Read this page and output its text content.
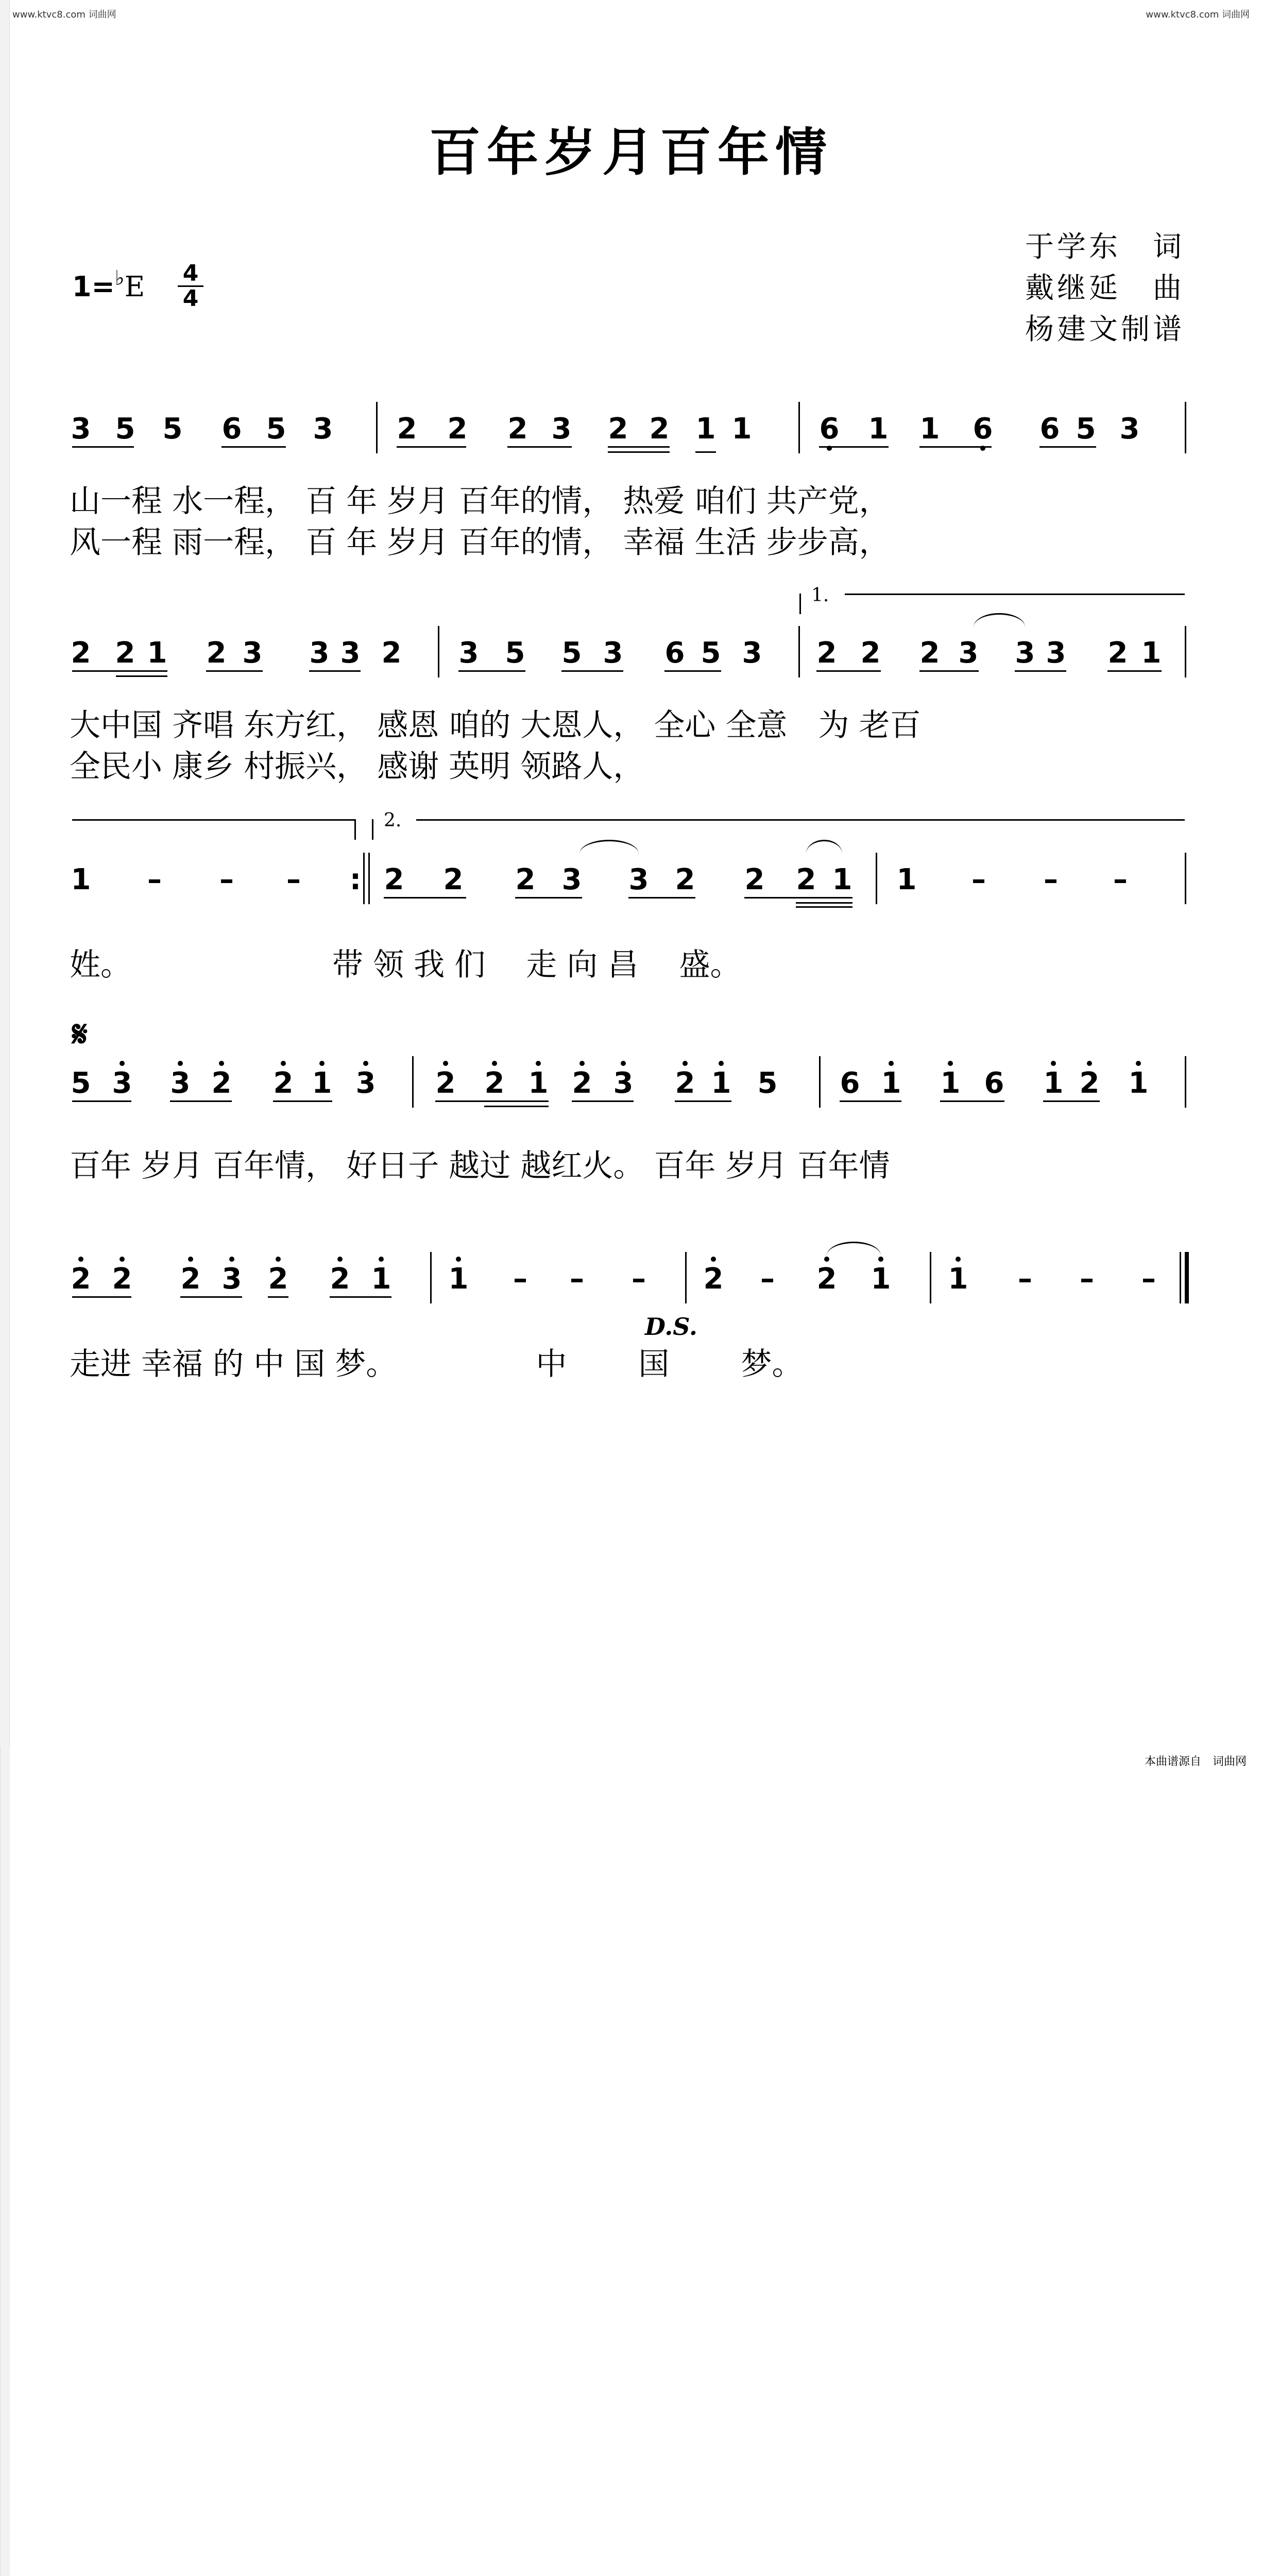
www.ktvc8.com 词曲网	www.ktvc8.com 词曲网
百年岁月百年情
于学东　词
戴继延　曲
杨建文制谱
1=♭E 4
4
𝄋
D.S.
3 5 5 6 5 3 2 2 2 3 2 2 1 1 6 1 1 6 6 5 3
山一程 水一程， 百 年 岁月 百年的情， 热爱 咱们 共产党，
风一程 雨一程， 百 年 岁月 百年的情， 幸福 生活 步步高，
2 2 1 2 3 3 3 2 3 5 5 3 6 5 3 2 2 2 3 3 3 2 1
1.
大中国 齐唱 东方红， 感恩 咱的 大恩人， 全心 全意　为 老百
全民小 康乡 村振兴， 感谢 英明 领路人，
1 – – –	2 2 2 3 3 2 2 2 1 1 – – –
:
2.
姓。　　　　　　　带 领 我 们　 走 向 昌　 盛。
5 3 3 2 2 1 3 2 2 1 2 3 2 1 5 6 1 1 6 1 2 1
百年 岁月 百年情， 好日子 越过 越红火。 百年 岁月 百年情
2 2 2 3 2 2 1 1 – – – 2 – 2 1 1 – – –
走进 幸福 的 中 国 梦。　　　　　中　　 国　　 梦。
本曲谱源自　词曲网
